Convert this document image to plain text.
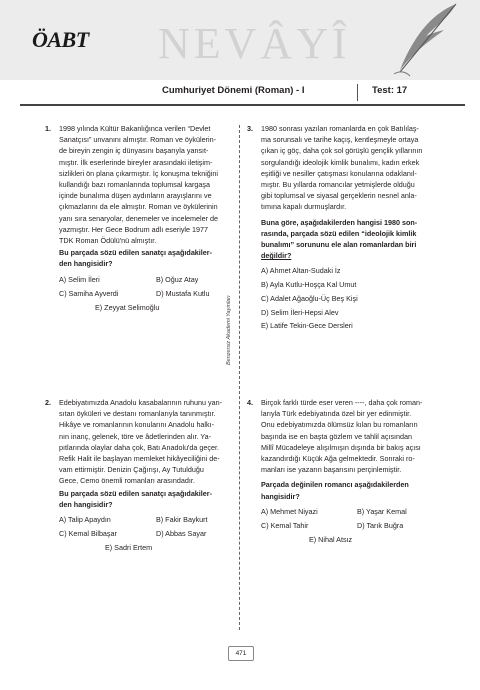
ÖABT NEVÂYÎ
Cumhuriyet Dönemi (Roman) - I	Test: 17
Benzersiz Akademi Yayınları
1. 1998 yılında Kültür Bakanlığınca verilen “Devlet
Sanatçısı” unvanını almıştır. Roman ve öykülerin-
de bireyin zengin iç dünyasını başarıyla yansıt-
mıştır. İlk eserlerinde bireyler arasındaki iletişim-
sizlikleri ön plana çıkarmıştır. İç konuşma tekniğini
kullandığı bazı romanlarında toplumsal kargaşa
içinde bunalıma düşen aydınların arayışlarını ve
çıkmazlarını da ele almıştır. Roman ve öykülerinin
yanı sıra senaryolar, denemeler ve incelemeler de
yazmıştır. Her Gece Bodrum adlı eseriyle 1977
TDK Roman Ödülü'nü almıştır.

Bu parçada sözü edilen sanatçı aşağıdakiler-
den hangisidir?

A) Selim İleri	B) Oğuz Atay
C) Samiha Ayverdi	D) Mustafa Kutlu
E) Zeyyat Selimoğlu
2. Edebiyatımızda Anadolu kasabalarının ruhunu yan-
sıtan öyküleri ve destanı romanlarıyla tanınmıştır.
Hikâye ve romanlarının konularını Anadolu halkı-
nın inanç, gelenek, töre ve âdetlerinden alır. Ya-
pıtlarında olaylar daha çok, Batı Anadolu'da geçer.
Refik Halit ile başlayan memleket hikâyeciliğini de-
vam ettirmiştir. Denizin Çağırışı, Ay Tutulduğu
Gece, Cemo önemli romanları arasındadır.

Bu parçada sözü edilen sanatçı aşağıdakiler-
den hangisidir?

A) Talip Apaydın	B) Fakir Baykurt
C) Kemal Bilbaşar	D) Abbas Sayar
E) Sadri Ertem
3. 1980 sonrası yazılan romanlarda en çok Batılılaş-
ma sorunsalı ve tarihe kaçış, kentleşmeyle ortaya
çıkan iç göç, daha çok sol görüşlü gençlik yıllarının
sorgulandığı ideolojik kimlik bunalımı, kadın erkek
eşitliği ve nesiller çatışması konularına odaklanıl-
mıştır. Bu yıllarda romancılar yetmişlerde olduğu
gibi toplumsal ve siyasal gerçeklerin nesnel anla-
tımına kapalı durmuşlardır.

Buna göre, aşağıdakilerden hangisi 1980 son-
rasında, parçada sözü edilen “ideolojik kimlik
bunalımı” sorununu ele alan romanlardan biri
değildir?

A) Ahmet Altan-Sudaki İz
B) Ayla Kutlu-Hoşça Kal Umut
C) Adalet Ağaoğlu-Üç Beş Kişi
D) Selim İleri-Hepsi Alev
E) Latife Tekin-Gece Dersleri
4. Birçok farklı türde eser veren ----, daha çok roman-
larıyla Türk edebiyatında özel bir yer edinmiştir.
Onu edebiyatımızda ölümsüz kılan bu romanların
başında ise en başta gözlem ve tahlil açısından
Millî Mücadeleye alışılmışın dışında bir bakış açısı
kazandırdığı Küçük Ağa gelmektedir. Sonraki ro-
manları ise yazarın başarısını perçinlemiştir.

Parçada değinilen romancı aşağıdakilerden
hangisidir?

A) Mehmet Niyazi	B) Yaşar Kemal
C) Kemal Tahir	D) Tarık Buğra
E) Nihal Atsız
471
